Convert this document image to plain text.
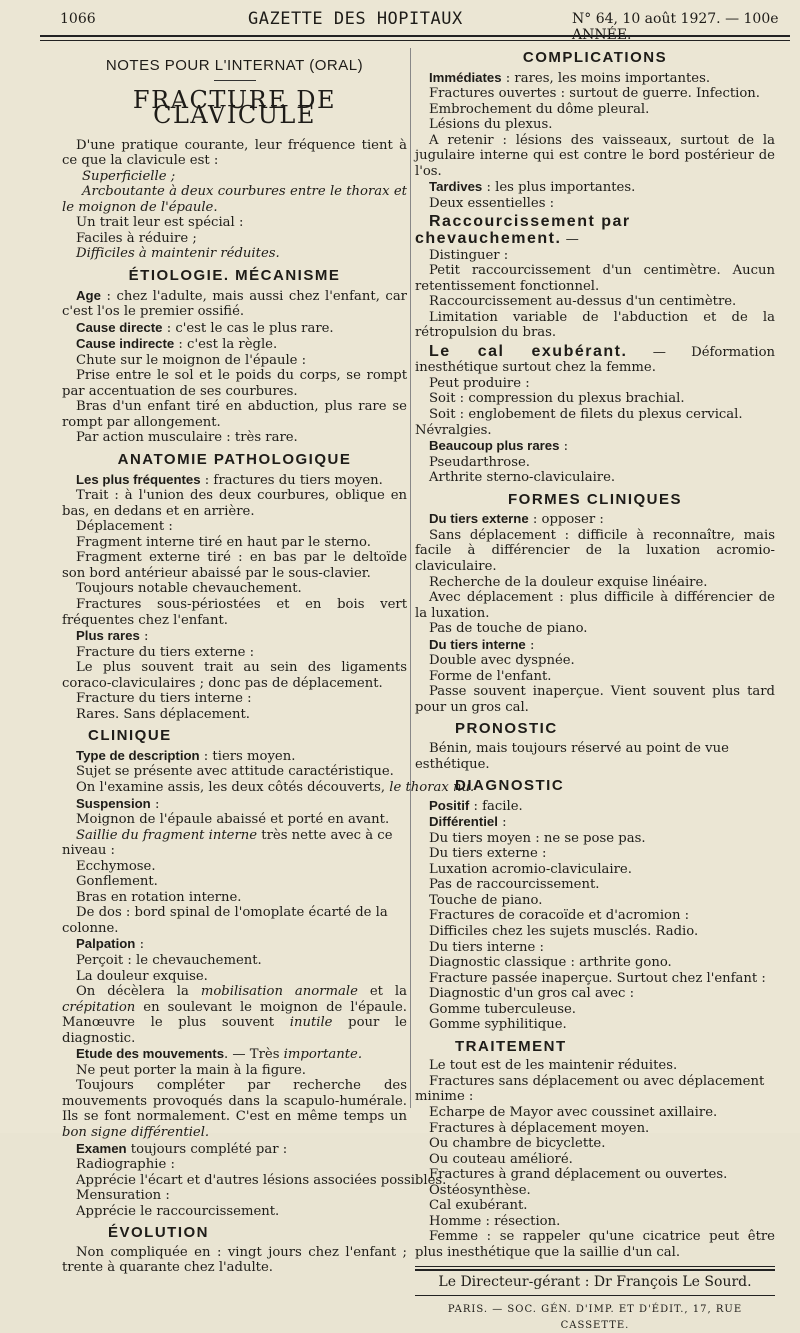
1066	GAZETTE DES HOPITAUX	N° 64, 10 août 1927. — 100e ANNÉE.
NOTES POUR L'INTERNAT (ORAL)
FRACTURE DE CLAVICULE

D'une pratique courante, leur fréquence tient à ce que la clavicule est :

Superficielle ;

Arcboutante à deux courbures entre le thorax et le moignon de l'épaule.

Un trait leur est spécial :

Faciles à réduire ;

Difficiles à maintenir réduites.

ÉTIOLOGIE. MÉCANISME

Age : chez l'adulte, mais aussi chez l'enfant, car c'est l'os le premier ossifié.

Cause directe : c'est le cas le plus rare.

Cause indirecte : c'est la règle.

Chute sur le moignon de l'épaule :

Prise entre le sol et le poids du corps, se rompt par accentuation de ses courbures.

Bras d'un enfant tiré en abduction, plus rare se rompt par allongement.

Par action musculaire : très rare.

ANATOMIE PATHOLOGIQUE

Les plus fréquentes : fractures du tiers moyen.

Trait : à l'union des deux courbures, oblique en bas, en dedans et en arrière.

Déplacement :

Fragment interne tiré en haut par le sterno.

Fragment externe tiré : en bas par le deltoïde son bord antérieur abaissé par le sous-clavier.

Toujours notable chevauchement.

Fractures sous-périostées et en bois vert fréquentes chez l'enfant.

Plus rares :

Fracture du tiers externe :

Le plus souvent trait au sein des ligaments coraco-claviculaires ; donc pas de déplacement.

Fracture du tiers interne :

Rares. Sans déplacement.

CLINIQUE

Type de description : tiers moyen.

Sujet se présente avec attitude caractéristique.

On l'examine assis, les deux côtés découverts, le thorax nu.

Suspension :

Moignon de l'épaule abaissé et porté en avant.

Saillie du fragment interne très nette avec à ce niveau :

Ecchymose.

Gonflement.

Bras en rotation interne.

De dos : bord spinal de l'omoplate écarté de la colonne.

Palpation :

Perçoit : le chevauchement.

La douleur exquise.

On décèlera la mobilisation anormale et la crépitation en soulevant le moignon de l'épaule. Manœuvre le plus souvent inutile pour le diagnostic.

Etude des mouvements. — Très importante.

Ne peut porter la main à la figure.

Toujours compléter par recherche des mouvements provoqués dans la scapulo-humérale. Ils se font normalement. C'est en même temps un bon signe différentiel.

Examen toujours complété par :

Radiographie :

Apprécie l'écart et d'autres lésions associées possibles.

Mensuration :

Apprécie le raccourcissement.

ÉVOLUTION

Non compliquée en : vingt jours chez l'enfant ; trente à quarante chez l'adulte.

COMPLICATIONS

Immédiates : rares, les moins importantes.

Fractures ouvertes : surtout de guerre. Infection.

Embrochement du dôme pleural.

Lésions du plexus.

A retenir : lésions des vaisseaux, surtout de la jugulaire interne qui est contre le bord postérieur de l'os.

Tardives : les plus importantes.

Deux essentielles :

Raccourcissement par chevauchement. —

Distinguer :

Petit raccourcissement d'un centimètre. Aucun retentissement fonctionnel.

Raccourcissement au-dessus d'un centimètre.

Limitation variable de l'abduction et de la rétropulsion du bras.

Le cal exubérant. — Déformation inesthétique surtout chez la femme.

Peut produire :

Soit : compression du plexus brachial.

Soit : englobement de filets du plexus cervical. Névralgies.

Beaucoup plus rares :

Pseudarthrose.

Arthrite sterno-claviculaire.

FORMES CLINIQUES

Du tiers externe : opposer :

Sans déplacement : difficile à reconnaître, mais facile à différencier de la luxation acromio-claviculaire.

Recherche de la douleur exquise linéaire.

Avec déplacement : plus difficile à différencier de la luxation.

Pas de touche de piano.

Du tiers interne :

Double avec dyspnée.

Forme de l'enfant.

Passe souvent inaperçue. Vient souvent plus tard pour un gros cal.

PRONOSTIC

Bénin, mais toujours réservé au point de vue esthétique.

DIAGNOSTIC

Positif : facile.

Différentiel :

Du tiers moyen : ne se pose pas.

Du tiers externe :

Luxation acromio-claviculaire.

Pas de raccourcissement.

Touche de piano.

Fractures de coracoïde et d'acromion :

Difficiles chez les sujets musclés. Radio.

Du tiers interne :

Diagnostic classique : arthrite gono.

Fracture passée inaperçue. Surtout chez l'enfant :

Diagnostic d'un gros cal avec :

Gomme tuberculeuse.

Gomme syphilitique.

TRAITEMENT

Le tout est de les maintenir réduites.

Fractures sans déplacement ou avec déplacement minime :

Echarpe de Mayor avec coussinet axillaire.

Fractures à déplacement moyen.

Ou chambre de bicyclette.

Ou couteau amélioré.

Fractures à grand déplacement ou ouvertes.

Ostéosynthèse.

Cal exubérant.

Homme : résection.

Femme : se rappeler qu'une cicatrice peut être plus inesthétique que la saillie d'un cal.

Le Directeur-gérant : Dr François Le Sourd.
PARIS. — SOC. GÉN. D'IMP. ET D'ÉDIT., 17, RUE CASSETTE.
